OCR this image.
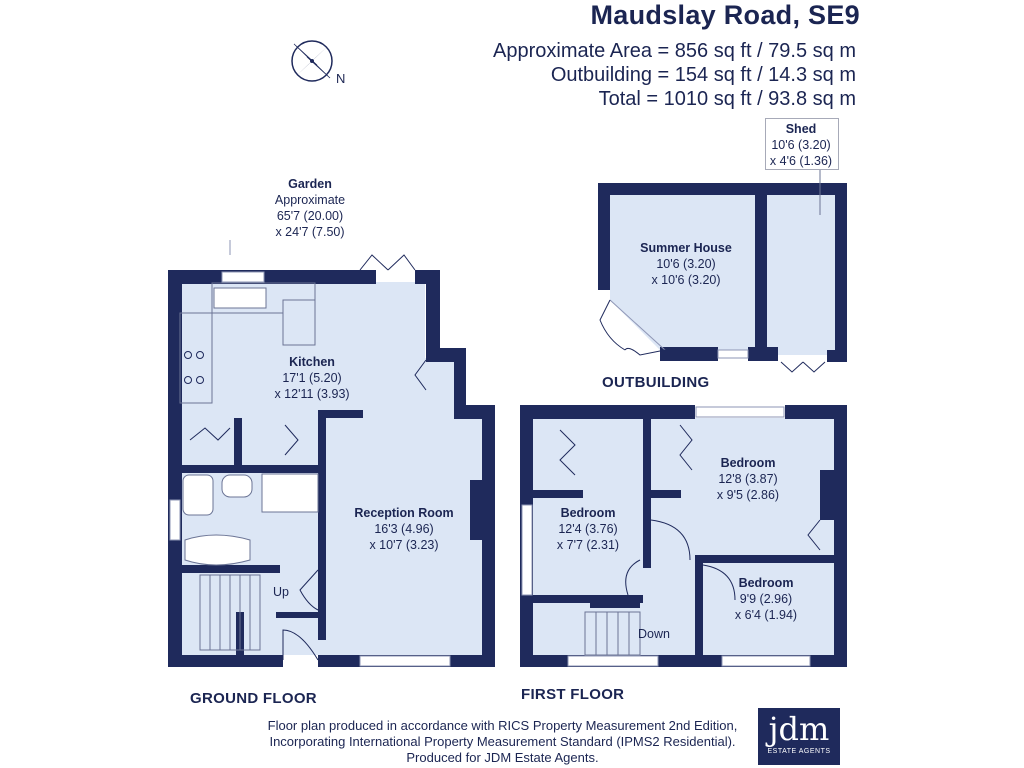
Maudslay Road, SE9
Approximate Area = 856 sq ft / 79.5 sq m
Outbuilding = 154 sq ft / 14.3 sq m
Total = 1010 sq ft / 93.8 sq m
N
Shed
10'6 (3.20)
x 4'6 (1.36)
Garden
Approximate
65'7 (20.00)
x 24'7 (7.50)
Summer House
10'6 (3.20)
x 10'6 (3.20)
Kitchen
17'1 (5.20)
x 12'11 (3.93)
Reception Room
16'3 (4.96)
x 10'7 (3.23)
Bedroom
12'8 (3.87)
x 9'5 (2.86)
Bedroom
12'4 (3.76)
x 7'7 (2.31)
Bedroom
9'9 (2.96)
x 6'4 (1.94)
Up
Down
OUTBUILDING
GROUND FLOOR	FIRST FLOOR
Floor plan produced in accordance with RICS Property Measurement 2nd Edition,
Incorporating International Property Measurement Standard (IPMS2 Residential).
Produced for JDM Estate Agents.
jdm
ESTATE AGENTS
